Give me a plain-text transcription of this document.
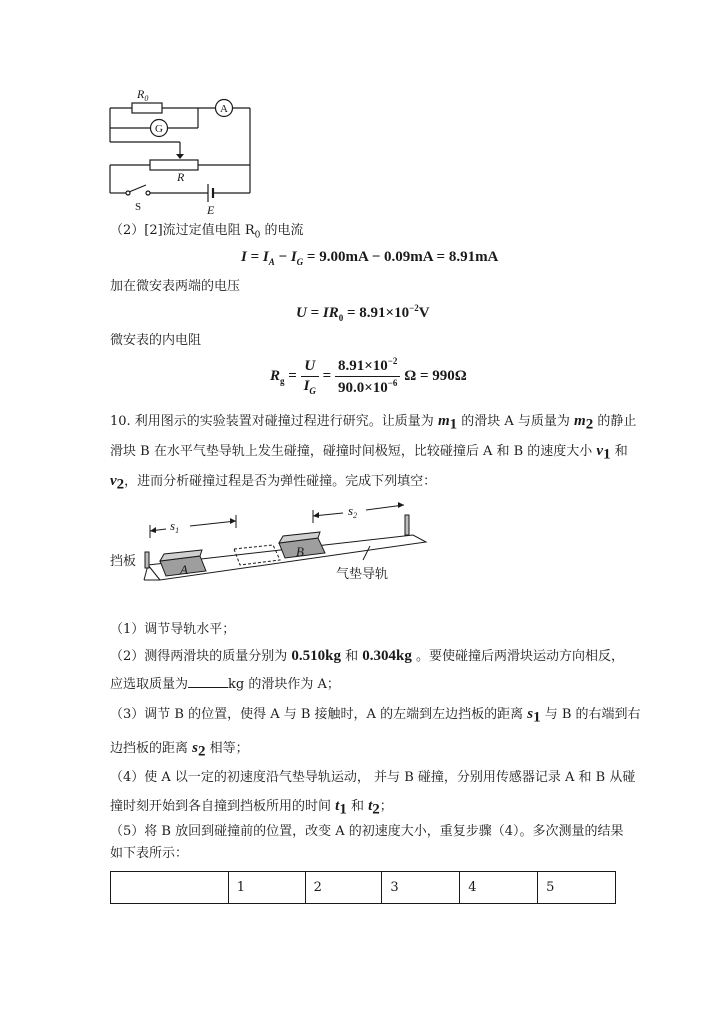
$R_0$
R
E
A
G
S
（2）[2]流过定值电阻 $R_0$ 的电流
$I = I_A - I_G = 9.00mA - 0.09mA = 8.91mA$
加在微安表两端的电压
$U = IR_0 = 8.91\times 10^{-2}V$
微安表的内电阻
$R_g = \frac{U}{I_G} = \frac{8.91\times 10^{-2}}{90.0\times 10^{-6}}$ Ω = 990Ω
10. 利用图示的实验装置对碰撞过程进行研究。让质量为 $m_1$ 的滑块 A 与质量为 $m_2$ 的静止
滑块 B 在水平气垫导轨上发生碰撞，碰撞时间极短，比较碰撞后 A 和 B 的速度大小 $v_1$ 和
$v_2$，进而分析碰撞过程是否为弹性碰撞。完成下列填空：
$s_1$
$s_2$
A
B
挡板
气垫导轨
（1）调节导轨水平；
（2）测得两滑块的质量分别为 0.510kg 和 0.304kg 。要使碰撞后两滑块运动方向相反，
应选取质量为	kg 的滑块作为 A；
（3）调节 B 的位置，使得 A 与 B 接触时，A 的左端到左边挡板的距离 $s_1$ 与 B 的右端到右
边挡板的距离 $s_2$ 相等；
（4）使 A 以一定的初速度沿气垫导轨运动， 并与 B 碰撞，分别用传感器记录 A 和 B 从碰
撞时刻开始到各自撞到挡板所用的时间 $t_1$ 和 $t_2$；
（5）将 B 放回到碰撞前的位置，改变 A 的初速度大小，重复步骤（4）。多次测量的结果
如下表所示：
	1	2	3	4	5
